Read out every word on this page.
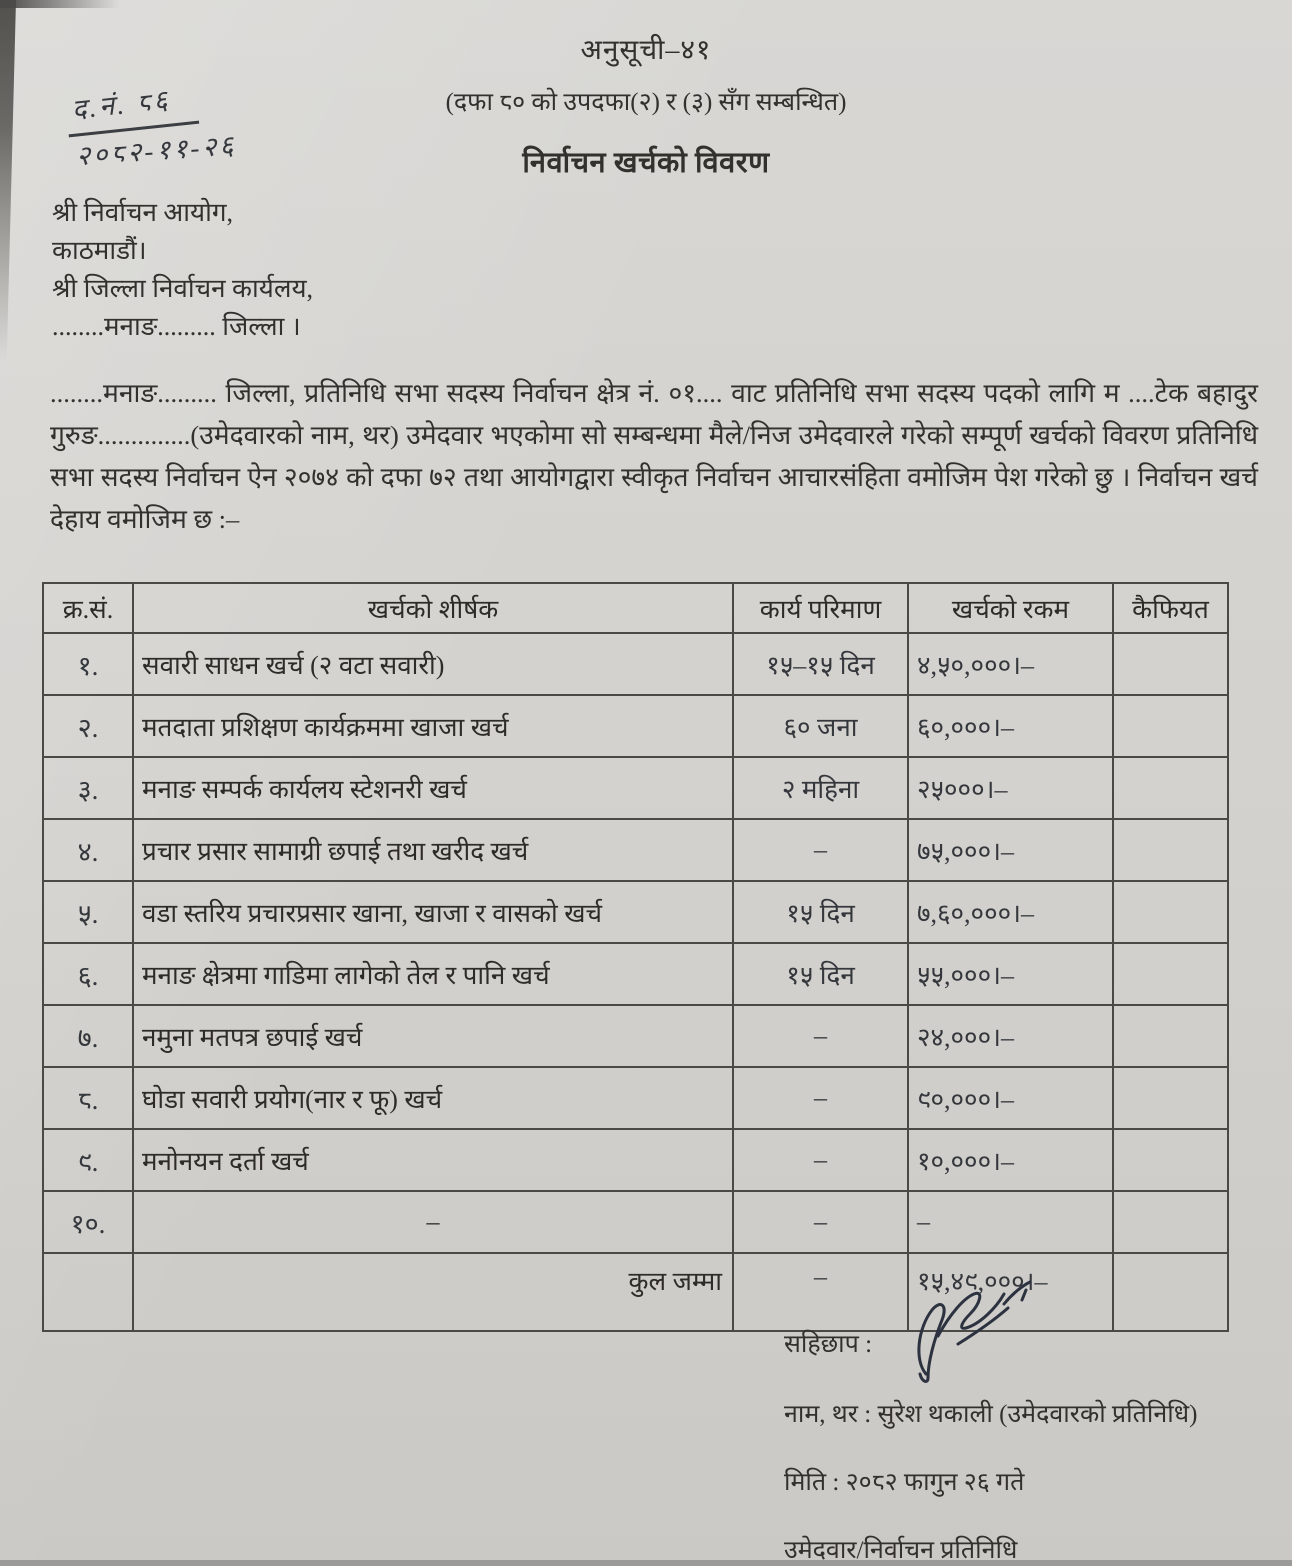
अनुसूची–४१
(दफा ८० को उपदफा(२) र (३) सँग सम्बन्धित)
निर्वाचन खर्चको विवरण
द.नं. ८६
२०८२-११-२६
श्री निर्वाचन आयोग,
काठमाडौं।
श्री जिल्ला निर्वाचन कार्यलय,
........मनाङ......... जिल्ला ।

........मनाङ......... जिल्ला, प्रतिनिधि सभा सदस्य निर्वाचन क्षेत्र नं. ०१.... वाट प्रतिनिधि सभा सदस्य पदको लागि म ....टेक बहादुर गुरुङ..............(उमेदवारको नाम, थर) उमेदवार भएकोमा सो सम्बन्धमा मैले/निज उमेदवारले गरेको सम्पूर्ण खर्चको विवरण प्रतिनिधि सभा सदस्य निर्वाचन ऐन २०७४ को दफा ७२ तथा आयोगद्वारा स्वीकृत निर्वाचन आचारसंहिता वमोजिम पेश गरेको छु । निर्वाचन खर्च देहाय वमोजिम छ :–

क्र.सं.	खर्चको शीर्षक	कार्य परिमाण	खर्चको रकम	कैफियत
१.	सवारी साधन खर्च (२ वटा सवारी)	१५–१५ दिन	४,५०,०००।–	
२.	मतदाता प्रशिक्षण कार्यक्रममा खाजा खर्च	६० जना	६०,०००।–	
३.	मनाङ सम्पर्क कार्यलय स्टेशनरी खर्च	२ महिना	२५०००।–	
४.	प्रचार प्रसार सामाग्री छपाई तथा खरीद खर्च	–	७५,०००।–	
५.	वडा स्तरिय प्रचारप्रसार खाना, खाजा र वासको खर्च	१५ दिन	७,६०,०००।–	
६.	मनाङ क्षेत्रमा गाडिमा लागेको तेल र पानि खर्च	१५ दिन	५५,०००।–	
७.	नमुना मतपत्र छपाई खर्च	–	२४,०००।–	
८.	घोडा सवारी प्रयोग(नार र फू) खर्च	–	९०,०००।–	
९.	मनोनयन दर्ता खर्च	–	१०,०००।–	
१०.	–	–	–	
	कुल जम्मा	–	१५,४९,०००।–	
सहिछाप :
नाम, थर : सुरेश थकाली (उमेदवारको प्रतिनिधि)
मिति : २०८२ फागुन २६ गते
उमेदवार/निर्वाचन प्रतिनिधि
